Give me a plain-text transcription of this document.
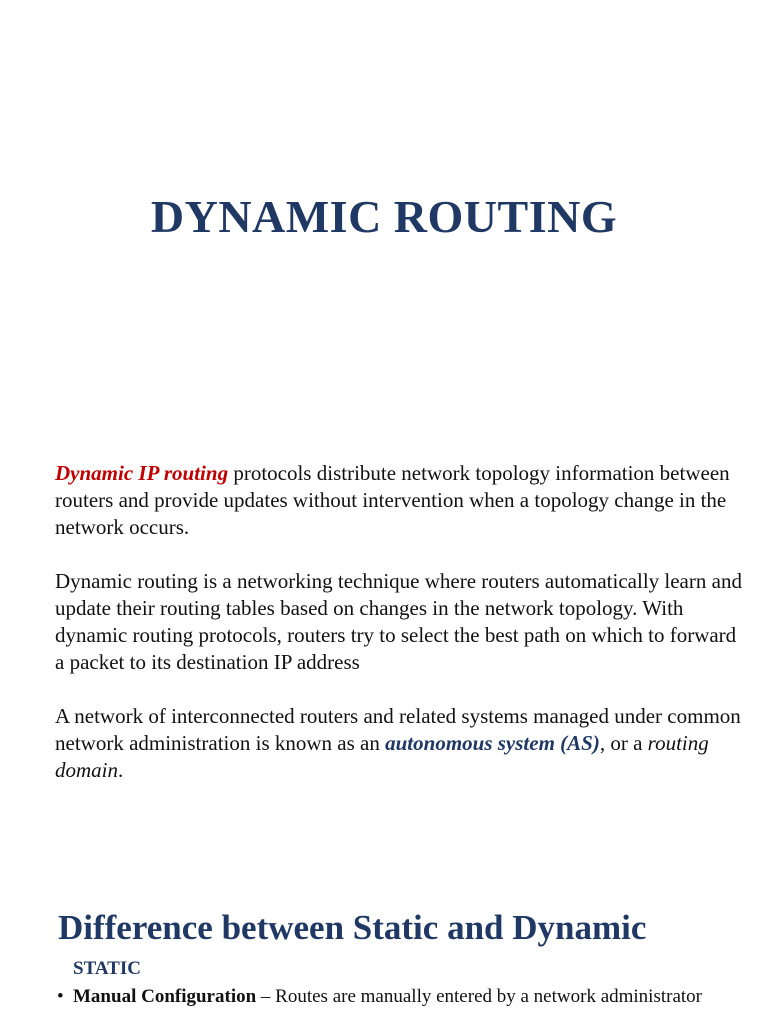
DYNAMIC ROUTING

Dynamic IP routing protocols distribute network topology information between routers and provide updates without intervention when a topology change in the network occurs.

Dynamic routing is a networking technique where routers automatically learn and update their routing tables based on changes in the network topology. With dynamic routing protocols, routers try to select the best path on which to forward a packet to its destination IP address

A network of interconnected routers and related systems managed under common network administration is known as an autonomous system (AS), or a routing domain.

Difference between Static and Dynamic
STATIC
• Manual Configuration – Routes are manually entered by a network administrator
